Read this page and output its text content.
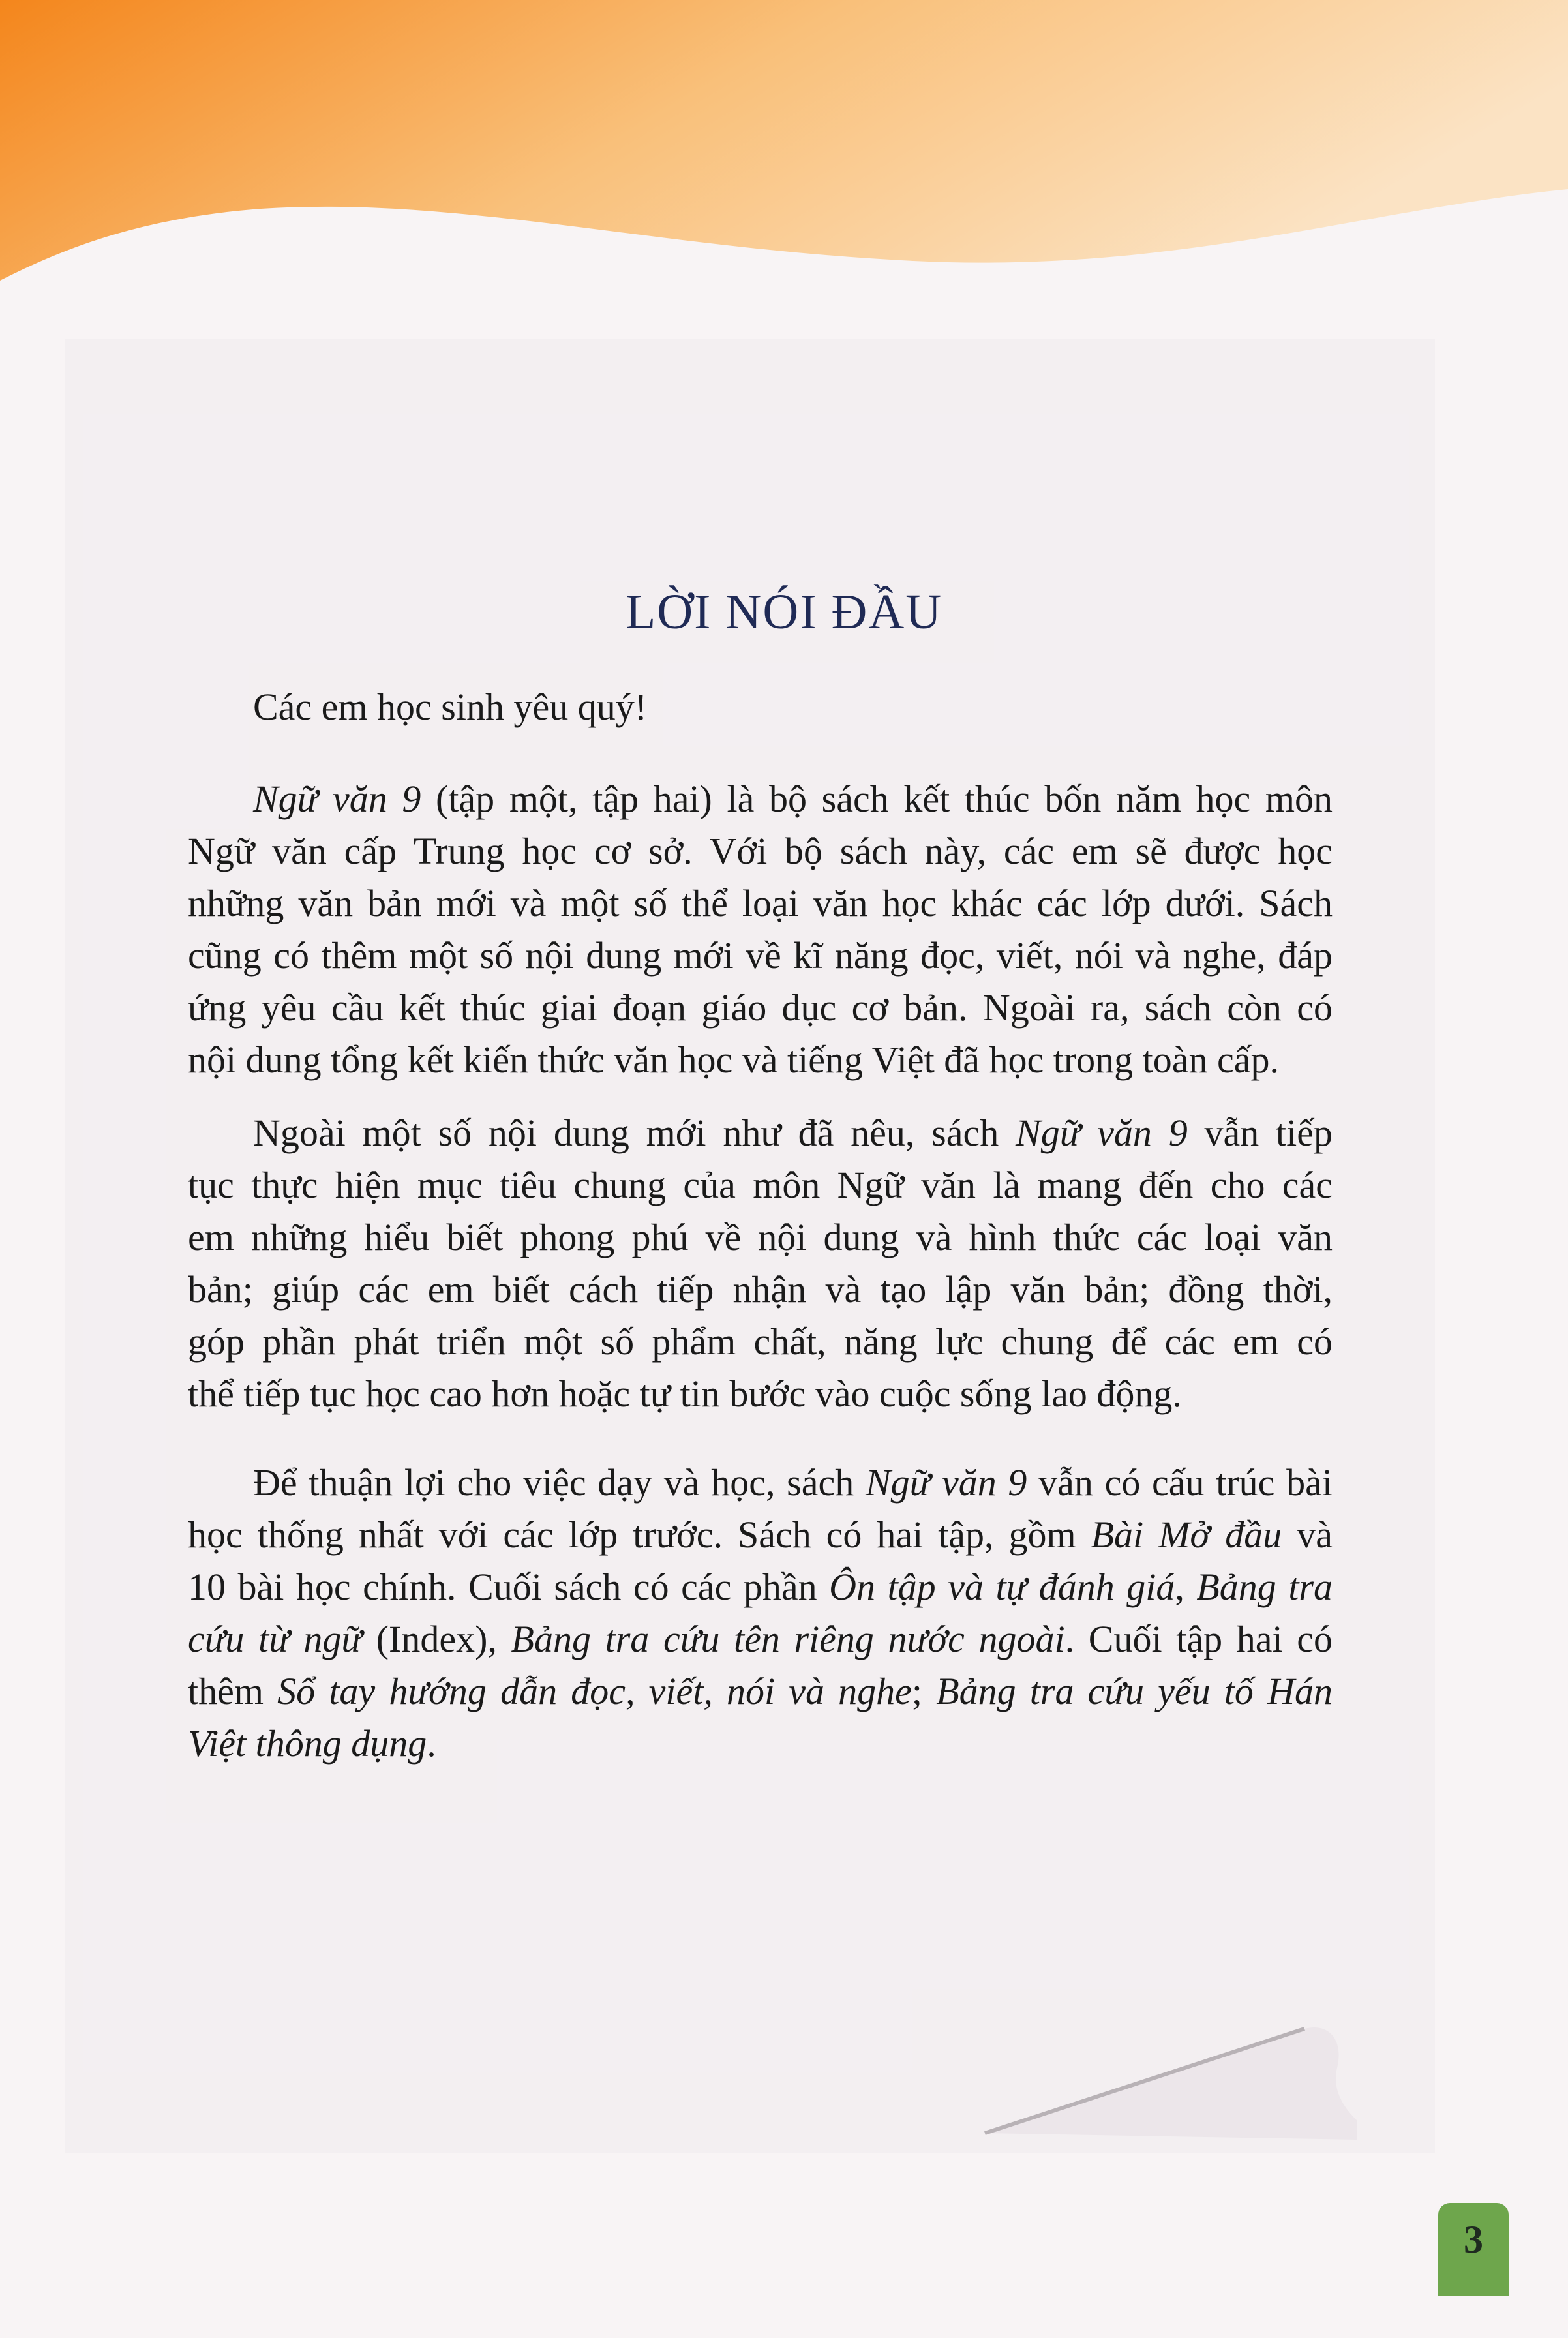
LỜI NÓI ĐẦU
Các em học sinh yêu quý!
Ngữ văn 9 (tập một, tập hai) là bộ sách kết thúc bốn năm học môn
Ngữ văn cấp Trung học cơ sở. Với bộ sách này, các em sẽ được học
những văn bản mới và một số thể loại văn học khác các lớp dưới. Sách
cũng có thêm một số nội dung mới về kĩ năng đọc, viết, nói và nghe, đáp
ứng yêu cầu kết thúc giai đoạn giáo dục cơ bản. Ngoài ra, sách còn có
nội dung tổng kết kiến thức văn học và tiếng Việt đã học trong toàn cấp.
Ngoài một số nội dung mới như đã nêu, sách Ngữ văn 9 vẫn tiếp
tục thực hiện mục tiêu chung của môn Ngữ văn là mang đến cho các
em những hiểu biết phong phú về nội dung và hình thức các loại văn
bản; giúp các em biết cách tiếp nhận và tạo lập văn bản; đồng thời,
góp phần phát triển một số phẩm chất, năng lực chung để các em có
thể tiếp tục học cao hơn hoặc tự tin bước vào cuộc sống lao động.
Để thuận lợi cho việc dạy và học, sách Ngữ văn 9 vẫn có cấu trúc bài
học thống nhất với các lớp trước. Sách có hai tập, gồm Bài Mở đầu và
10 bài học chính. Cuối sách có các phần Ôn tập và tự đánh giá, Bảng tra
cứu từ ngữ (Index), Bảng tra cứu tên riêng nước ngoài. Cuối tập hai có
thêm Sổ tay hướng dẫn đọc, viết, nói và nghe; Bảng tra cứu yếu tố Hán
Việt thông dụng.
3
